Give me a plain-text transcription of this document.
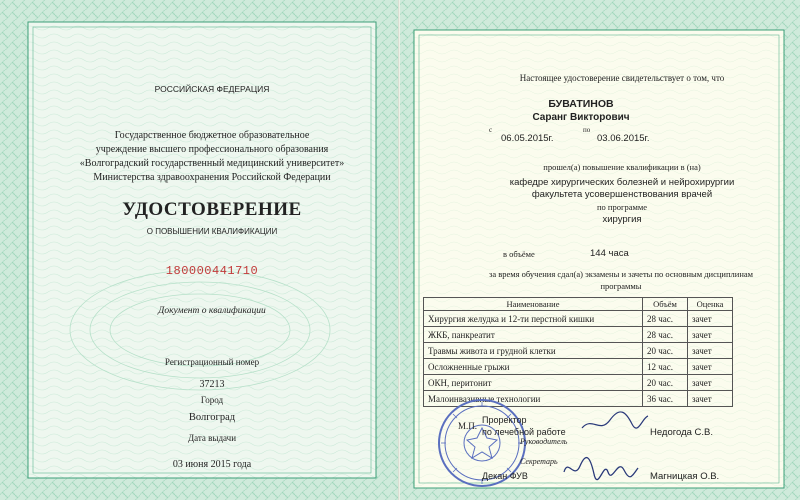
РОССИЙСКАЯ ФЕДЕРАЦИЯ
Государственное бюджетное образовательное
учреждение высшего профессионального образования
«Волгоградский государственный медицинский университет»
Министерства здравоохранения Российской Федерации
УДОСТОВЕРЕНИЕ
О ПОВЫШЕНИИ КВАЛИФИКАЦИИ
180000441710
Документ о квалификации
Регистрационный номер
37213
Город
Волгоград
Дата выдачи
03 июня 2015 года
Настоящее удостоверение свидетельствует о том, что
БУВАТИНОВ
Саранг Викторович
с
06.05.2015г.
по
03.06.2015г.
прошел(а) повышение квалификации в (на)
кафедре хирургических болезней и нейрохирургии
факультета усовершенствования врачей
по программе
хирургия
в объёме	144 часа
за время обучения сдал(а) экзамены и зачеты по основным дисциплинам
программы
Наименование	Объём	Оценка
Хирургия желудка и 12-ти перстной кишки	28 час.	зачет
ЖКБ, панкреатит	28 час.	зачет
Травмы живота и грудной клетки	20 час.	зачет
Осложненные грыжи	12 час.	зачет
ОКН, перитонит	20 час.	зачет
Малоинвазивные технологии	36 час.	зачет
М.П.
Проректор
по лечебной работе
Руководитель
Недогода С.В.
Секретарь
Декан ФУВ	Магницкая О.В.
